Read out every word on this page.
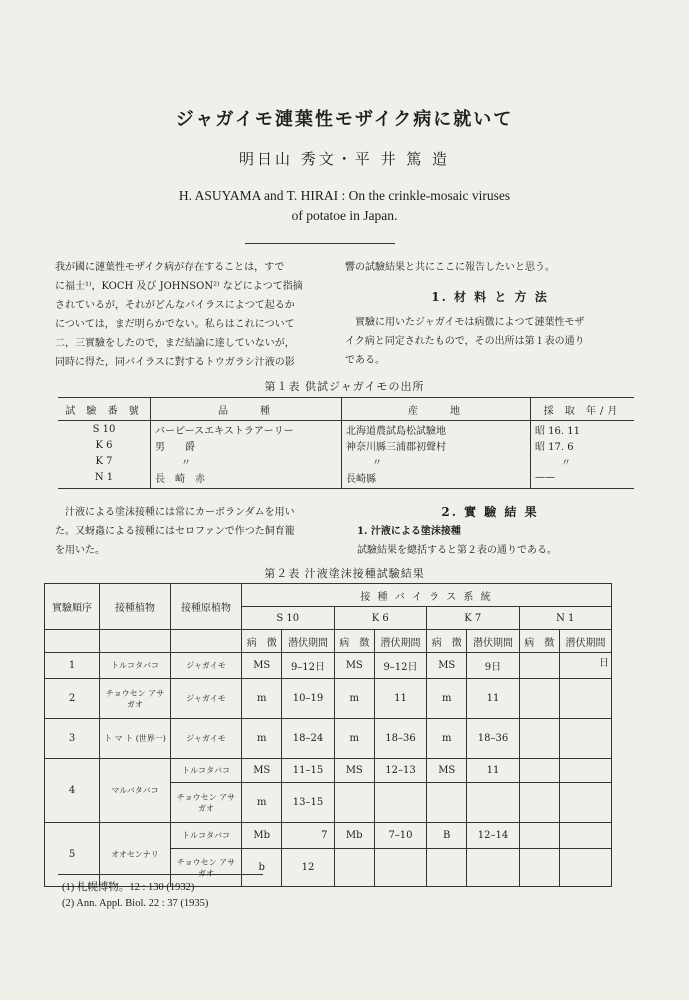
ジャガイモ漣葉性モザイク病に就いて
明日山 秀文・平 井 篤 造
H. ASUYAMA and T. HIRAI : On the crinkle-mosaic viruses
of potatoe in Japan.

我が國に漣葉性モザイク病が存在することは，すで

に福士¹⁾，KOCH 及び JOHNSON²⁾ などによつて指摘

されているが，それがどんなバイラスによつて起るか

については，まだ明らかでない。私らはこれについて

二，三實驗をしたので，まだ結論に達していないが，

同時に得た，同バイラスに對するトウガラシ汁液の影

響の試驗結果と共にここに報告したいと思う。

1. 材 料 と 方 法

實驗に用いたジャガイモは病徴によつて漣葉性モザ

イク病と同定されたもので，その出所は第１表の通り

である。

第１表 供試ジャガイモの出所
試 驗 番 號	品　　種	産　　地	採 取 年/月
S 10	バーピースエキストラアーリー	北海道農試島松試驗地	昭 16. 11
K 6	男　　爵	神奈川縣三浦郡初聲村	昭 17. 6
K 7	〃	〃	〃
N 1	長　崎　赤	長崎縣	——

汁液による塗沫接種には常にカーボランダムを用い

た。又蚜蟲による接種にはセロファンで作つた飼育籠

を用いた。

2. 實 驗 結 果

1. 汁液による塗沫接種

試驗結果を總括すると第２表の通りである。

第２表 汁液塗沫接種試驗結果
實驗順序	接種植物	接種原植物	接 種 バ イ ラ ス 系 統							
			S 10		K 6		K 7		N 1	
			病　徴	潜伏期間	病　徴	潜伏期間	病　徴	潜伏期間	病　徴	潜伏期間
1	トルコタバコ	ジャガイモ	MS	9–12日	MS	9–12日	MS	9日		日
2	チョウセン アサガオ	ジャガイモ	m	10–19	m	11	m	11		
3	ト マ ト (世界一)	ジャガイモ	m	18–24	m	18–36	m	18–36		
4	マルバタバコ	トルコタバコ	MS	11–15	MS	12–13	MS	11		
		チョウセン アサガオ	m	13–15						
5	オオセンナリ	トルコタバコ	Mb	7	Mb	7–10	B	12–14		
		チョウセン アサガオ	b	12						
(1) 札幌博物。12 : 130 (1932)
(2) Ann. Appl. Biol. 22 : 37 (1935)
